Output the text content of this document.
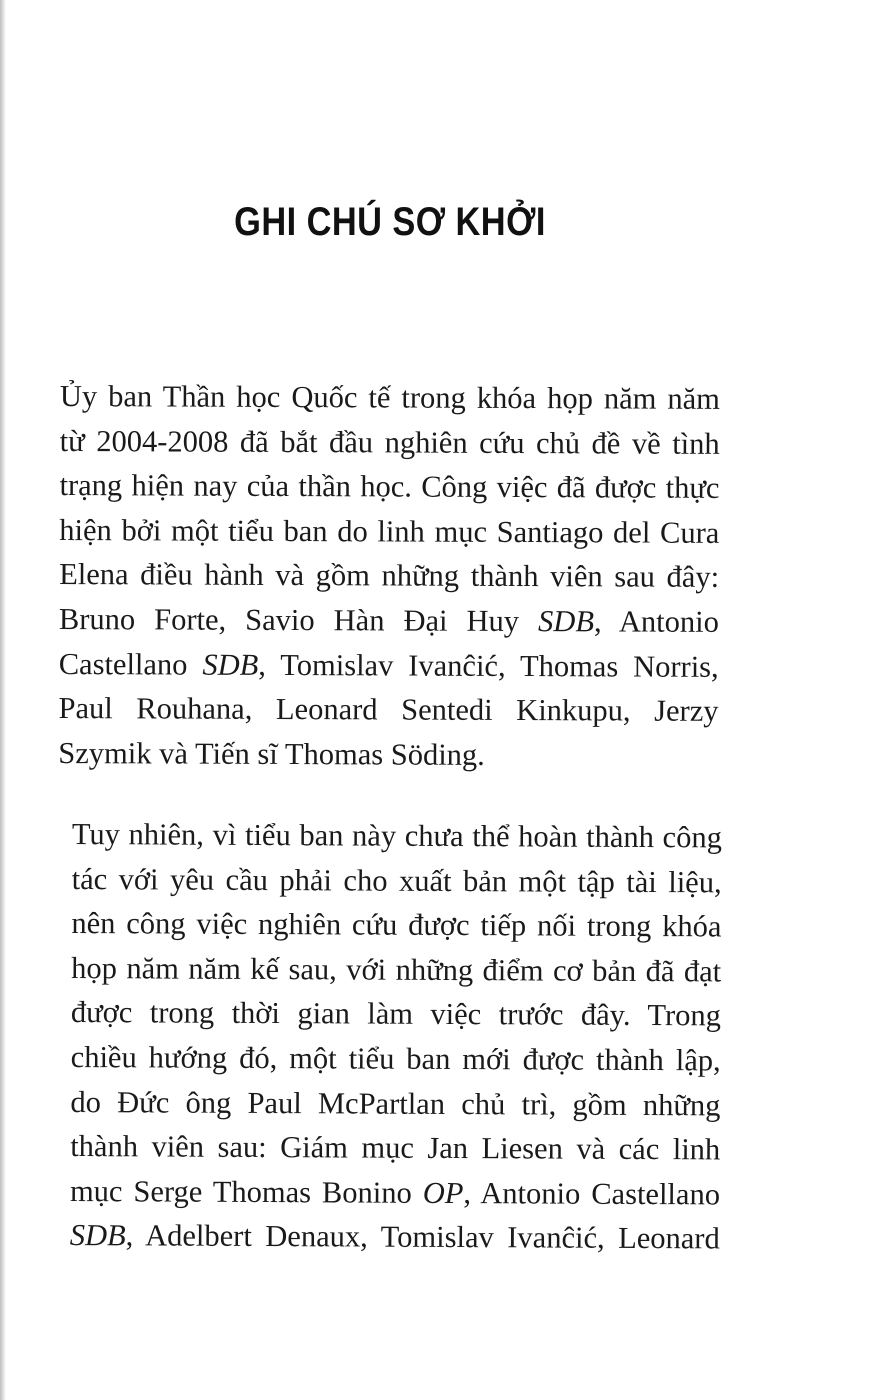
GHI CHÚ SƠ KHỞI
Ủy ban Thần học Quốc tế trong khóa họp năm năm
từ 2004-2008 đã bắt đầu nghiên cứu chủ đề về tình
trạng hiện nay của thần học. Công việc đã được thực
hiện bởi một tiểu ban do linh mục Santiago del Cura
Elena điều hành và gồm những thành viên sau đây:
Bruno Forte, Savio Hàn Đại Huy SDB, Antonio
Castellano SDB, Tomislav Ivanĉić, Thomas Norris,
Paul Rouhana, Leonard Sentedi Kinkupu, Jerzy
Szymik và Tiến sĩ Thomas Söding.
Tuy nhiên, vì tiểu ban này chưa thể hoàn thành công
tác với yêu cầu phải cho xuất bản một tập tài liệu,
nên công việc nghiên cứu được tiếp nối trong khóa
họp năm năm kế sau, với những điểm cơ bản đã đạt
được trong thời gian làm việc trước đây. Trong
chiều hướng đó, một tiểu ban mới được thành lập,
do Đức ông Paul McPartlan chủ trì, gồm những
thành viên sau: Giám mục Jan Liesen và các linh
mục Serge Thomas Bonino OP, Antonio Castellano
SDB, Adelbert Denaux, Tomislav Ivanĉić, Leonard
